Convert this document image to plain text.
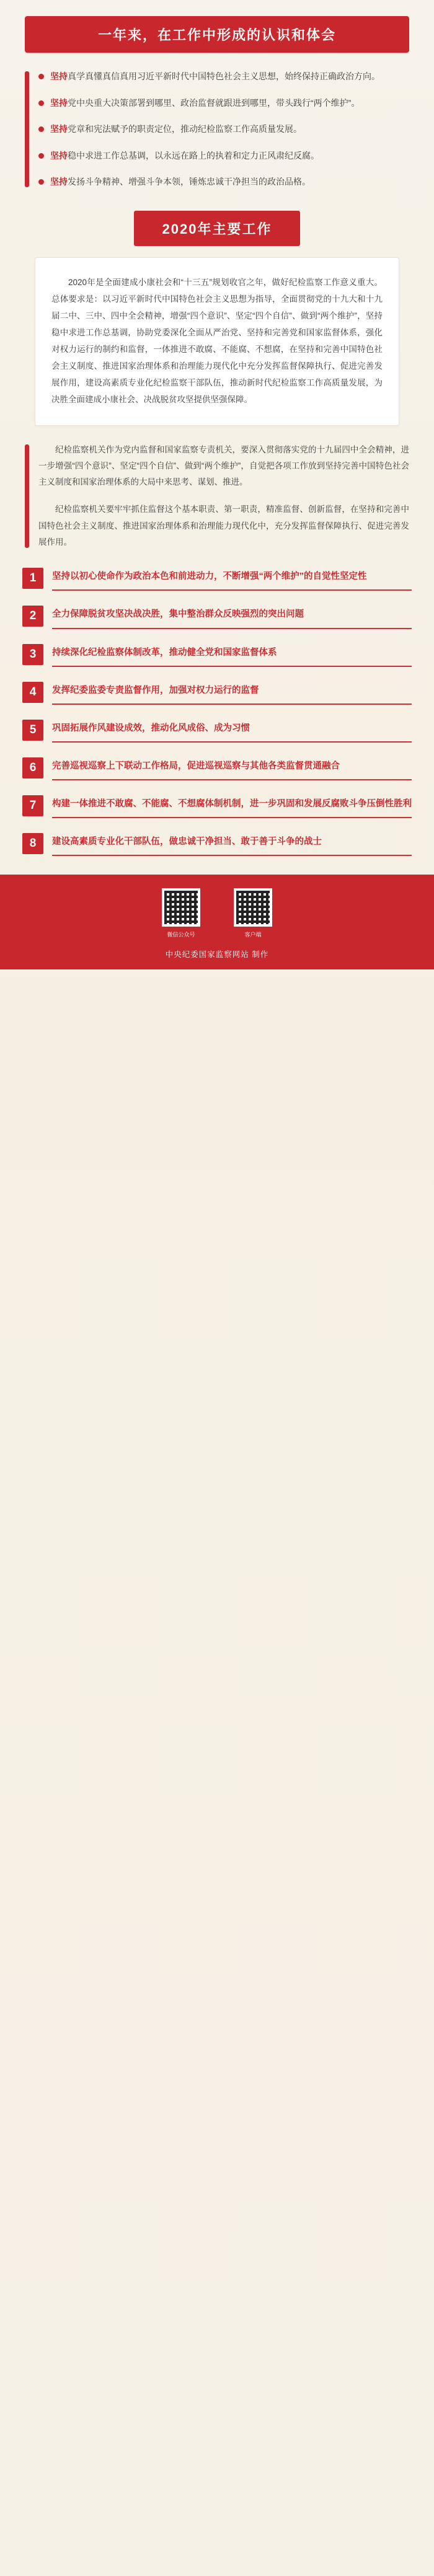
一年来，在工作中形成的认识和体会
坚持真学真懂真信真用习近平新时代中国特色社会主义思想，始终保持正确政治方向。
坚持党中央重大决策部署到哪里、政治监督就跟进到哪里，带头践行“两个维护”。
坚持党章和宪法赋予的职责定位，推动纪检监察工作高质量发展。
坚持稳中求进工作总基调，以永远在路上的执着和定力正风肃纪反腐。
坚持发扬斗争精神、增强斗争本领，锤炼忠诚干净担当的政治品格。
2020年主要工作

2020年是全面建成小康社会和“十三五”规划收官之年，做好纪检监察工作意义重大。总体要求是：以习近平新时代中国特色社会主义思想为指导，全面贯彻党的十九大和十九届二中、三中、四中全会精神，增强“四个意识”、坚定“四个自信”、做到“两个维护”，坚持稳中求进工作总基调，协助党委深化全面从严治党、坚持和完善党和国家监督体系，强化对权力运行的制约和监督，一体推进不敢腐、不能腐、不想腐，在坚持和完善中国特色社会主义制度、推进国家治理体系和治理能力现代化中充分发挥监督保障执行、促进完善发展作用，建设高素质专业化纪检监察干部队伍，推动新时代纪检监察工作高质量发展，为决胜全面建成小康社会、决战脱贫攻坚提供坚强保障。

纪检监察机关作为党内监督和国家监察专责机关，要深入贯彻落实党的十九届四中全会精神，进一步增强“四个意识”、坚定“四个自信”、做到“两个维护”，自觉把各项工作放到坚持完善中国特色社会主义制度和国家治理体系的大局中来思考、谋划、推进。

纪检监察机关要牢牢抓住监督这个基本职责、第一职责，精准监督、创新监督，在坚持和完善中国特色社会主义制度、推进国家治理体系和治理能力现代化中，充分发挥监督保障执行、促进完善发展作用。

1	坚持以初心使命作为政治本色和前进动力，不断增强“两个维护”的自觉性坚定性
2	全力保障脱贫攻坚决战决胜，集中整治群众反映强烈的突出问题
3	持续深化纪检监察体制改革，推动健全党和国家监督体系
4	发挥纪委监委专责监督作用，加强对权力运行的监督
5	巩固拓展作风建设成效，推动化风成俗、成为习惯
6	完善巡视巡察上下联动工作格局，促进巡视巡察与其他各类监督贯通融合
7	构建一体推进不敢腐、不能腐、不想腐体制机制，进一步巩固和发展反腐败斗争压倒性胜利
8	建设高素质专业化干部队伍，做忠诚干净担当、敢于善于斗争的战士
微信公众号	客户端
中央纪委国家监察网站 制作
